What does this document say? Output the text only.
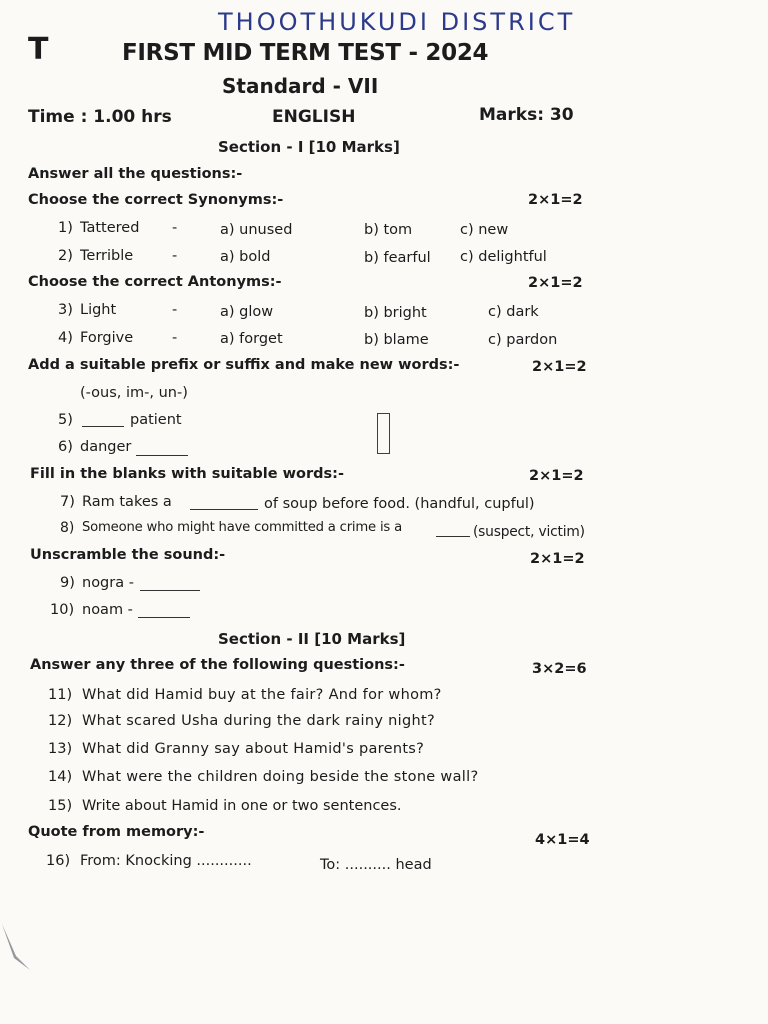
THOOTHUKUDI DISTRICT
T	FIRST MID TERM TEST - 2024
Standard - VII
Time : 1.00 hrs	ENGLISH	Marks: 30
Section - I [10 Marks]
Answer all the questions:-
Choose the correct Synonyms:-	2×1=2
1) Tattered -	a) unused	b) tom	c) new
2) Terrible	-	a) bold	b) fearful c) delightful
Choose the correct Antonyms:-	2×1=2
3) Light	-	a) glow	b) bright	c) dark
4) Forgive	-	a) forget	b) blame	c) pardon
Add a suitable prefix or suffix and make new words:-	2×1=2
(-ous, im-, un-)
5)	patient
6) danger
Fill in the blanks with suitable words:-	2×1=2
7) Ram takes a	of soup before food. (handful, cupful)
8) Someone who might have committed a crime is a	(suspect, victim)
Unscramble the sound:-	2×1=2
9) nogra -
10) noam -
Section - II [10 Marks]
Answer any three of the following questions:-	3×2=6
11) What did Hamid buy at the fair? And for whom?
12) What scared Usha during the dark rainy night?
13) What did Granny say about Hamid's parents?
14) What were the children doing beside the stone wall?
15) Write about Hamid in one or two sentences.
Quote from memory:-	4×1=4
16) From: Knocking ............	To: .......... head
